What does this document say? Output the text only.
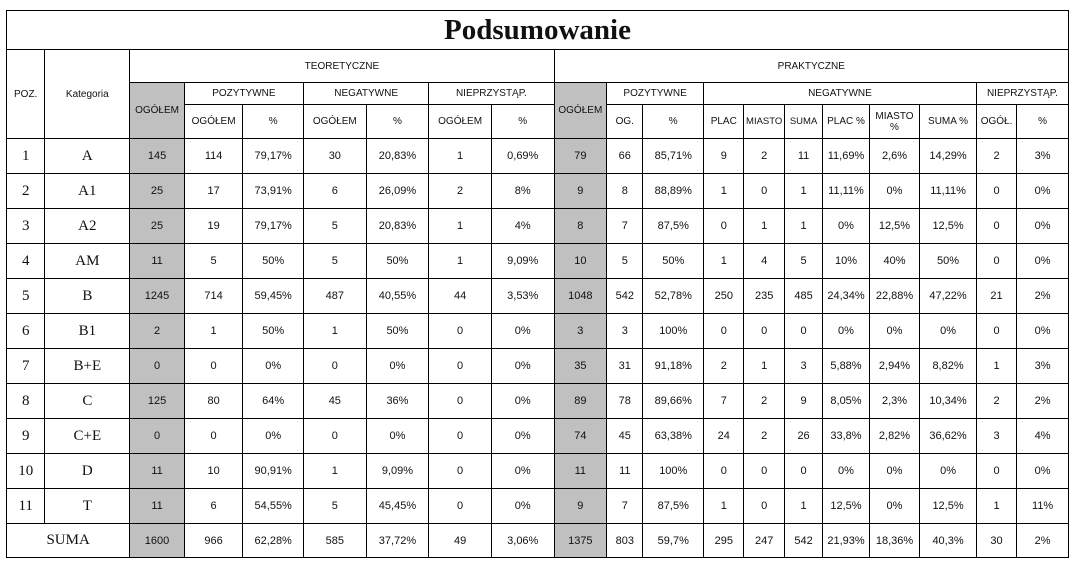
Podsumowanie																			
POZ.	Kategoria	TEORETYCZNE							PRAKTYCZNE										
		OGÓŁEM	POZYTYWNE		NEGATYWNE		NIEPRZYSTĄP.		OGÓŁEM	POZYTYWNE		NEGATYWNE						NIEPRZYSTĄP.	
			OGÓŁEM	%	OGÓŁEM	%	OGÓŁEM	%		OG.	%	PLAC	MIASTO	SUMA	PLAC %	MIASTO %	SUMA %	OGÓŁ.	%
1	A	145	114	79,17%	30	20,83%	1	0,69%	79	66	85,71%	9	2	11	11,69%	2,6%	14,29%	2	3%
2	A1	25	17	73,91%	6	26,09%	2	8%	9	8	88,89%	1	0	1	11,11%	0%	11,11%	0	0%
3	A2	25	19	79,17%	5	20,83%	1	4%	8	7	87,5%	0	1	1	0%	12,5%	12,5%	0	0%
4	AM	11	5	50%	5	50%	1	9,09%	10	5	50%	1	4	5	10%	40%	50%	0	0%
5	B	1245	714	59,45%	487	40,55%	44	3,53%	1048	542	52,78%	250	235	485	24,34%	22,88%	47,22%	21	2%
6	B1	2	1	50%	1	50%	0	0%	3	3	100%	0	0	0	0%	0%	0%	0	0%
7	B+E	0	0	0%	0	0%	0	0%	35	31	91,18%	2	1	3	5,88%	2,94%	8,82%	1	3%
8	C	125	80	64%	45	36%	0	0%	89	78	89,66%	7	2	9	8,05%	2,3%	10,34%	2	2%
9	C+E	0	0	0%	0	0%	0	0%	74	45	63,38%	24	2	26	33,8%	2,82%	36,62%	3	4%
10	D	11	10	90,91%	1	9,09%	0	0%	11	11	100%	0	0	0	0%	0%	0%	0	0%
11	T	11	6	54,55%	5	45,45%	0	0%	9	7	87,5%	1	0	1	12,5%	0%	12,5%	1	11%
SUMA		1600	966	62,28%	585	37,72%	49	3,06%	1375	803	59,7%	295	247	542	21,93%	18,36%	40,3%	30	2%
